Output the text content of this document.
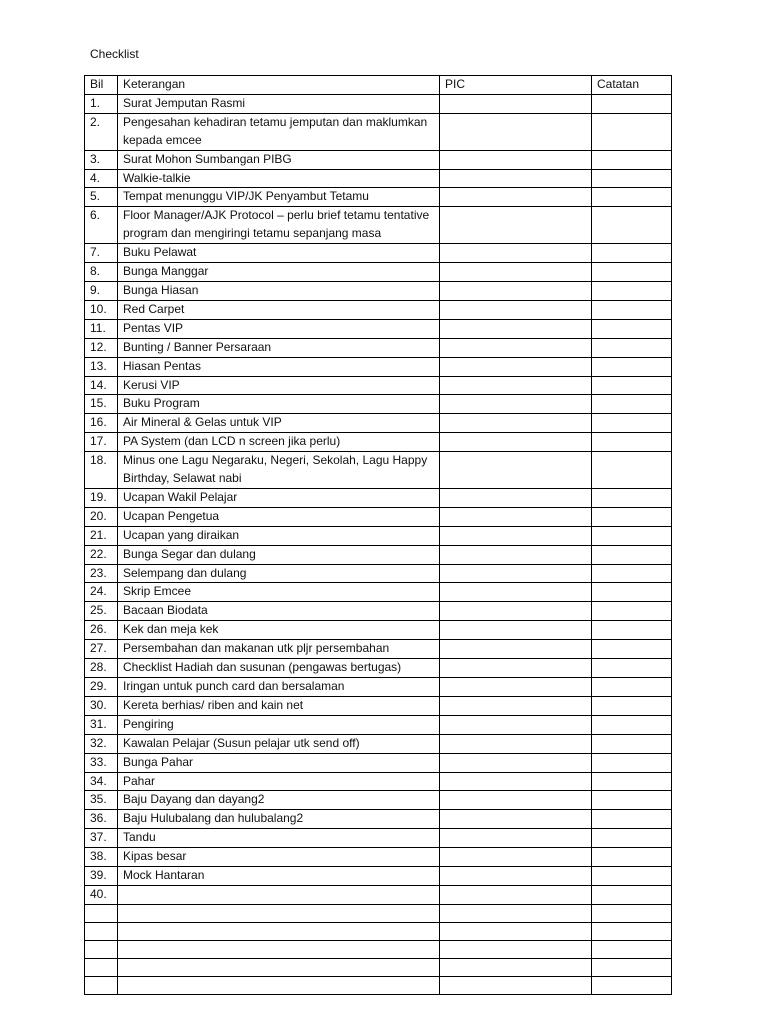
Checklist
Bil	Keterangan	PIC	Catatan
1.	Surat Jemputan Rasmi		
2.	Pengesahan kehadiran tetamu jemputan dan maklumkan kepada emcee		
3.	Surat Mohon Sumbangan PIBG		
4.	Walkie-talkie		
5.	Tempat menunggu VIP/JK Penyambut Tetamu		
6.	Floor Manager/AJK Protocol – perlu brief tetamu tentative program dan mengiringi tetamu sepanjang masa		
7.	Buku Pelawat		
8.	Bunga Manggar		
9.	Bunga Hiasan		
10.	Red Carpet		
11.	Pentas VIP		
12.	Bunting / Banner Persaraan		
13.	Hiasan Pentas		
14.	Kerusi VIP		
15.	Buku Program		
16.	Air Mineral & Gelas untuk VIP		
17.	PA System (dan LCD n screen jika perlu)		
18.	Minus one Lagu Negaraku, Negeri, Sekolah, Lagu Happy Birthday, Selawat nabi		
19.	Ucapan Wakil Pelajar		
20.	Ucapan Pengetua		
21.	Ucapan yang diraikan		
22.	Bunga Segar dan dulang		
23.	Selempang dan dulang		
24.	Skrip Emcee		
25.	Bacaan Biodata		
26.	Kek dan meja kek		
27.	Persembahan dan makanan utk pljr persembahan		
28.	Checklist Hadiah dan susunan (pengawas bertugas)		
29.	Iringan untuk punch card dan bersalaman		
30.	Kereta berhias/ riben and kain net		
31.	Pengiring		
32.	Kawalan Pelajar (Susun pelajar utk send off)		
33.	Bunga Pahar		
34.	Pahar		
35.	Baju Dayang dan dayang2		
36.	Baju Hulubalang dan hulubalang2		
37.	Tandu		
38.	Kipas besar		
39.	Mock Hantaran		
40.			
